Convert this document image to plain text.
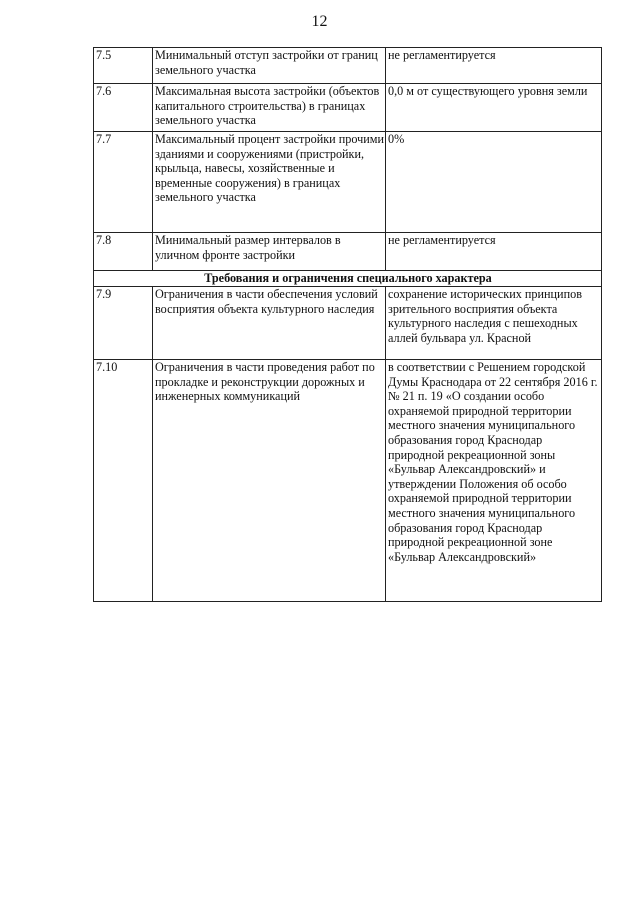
12
7.5	Минимальный отступ застройки от границ земельного участка	не регламентируется
7.6	Максимальная высота застройки (объектов капитального строительства) в границах земельного участка	0,0 м от существующего уровня земли
7.7	Максимальный процент застройки прочими зданиями и сооружениями (пристройки, крыльца, навесы, хозяйственные и временные сооружения) в границах земельного участка	0%
7.8	Минимальный размер интервалов в уличном фронте застройки	не регламентируется
Требования и ограничения специального характера		
7.9	Ограничения в части обеспечения условий восприятия объекта культурного наследия	сохранение исторических принципов зрительного восприятия объекта культурного наследия с пешеходных аллей бульвара ул. Красной
7.10	Ограничения в части проведения работ по прокладке и реконструкции дорожных и инженерных коммуникаций	в соответствии с Решением городской Думы Краснодара от 22 сентября 2016 г. № 21 п. 19 «О создании особо охраняемой природной территории местного значения муниципального образования город Краснодар природной рекреационной зоны «Бульвар Александровский» и утверждении Положения об особо охраняемой природной территории местного значения муниципального образования город Краснодар природной рекреационной зоне «Бульвар Александровский»
